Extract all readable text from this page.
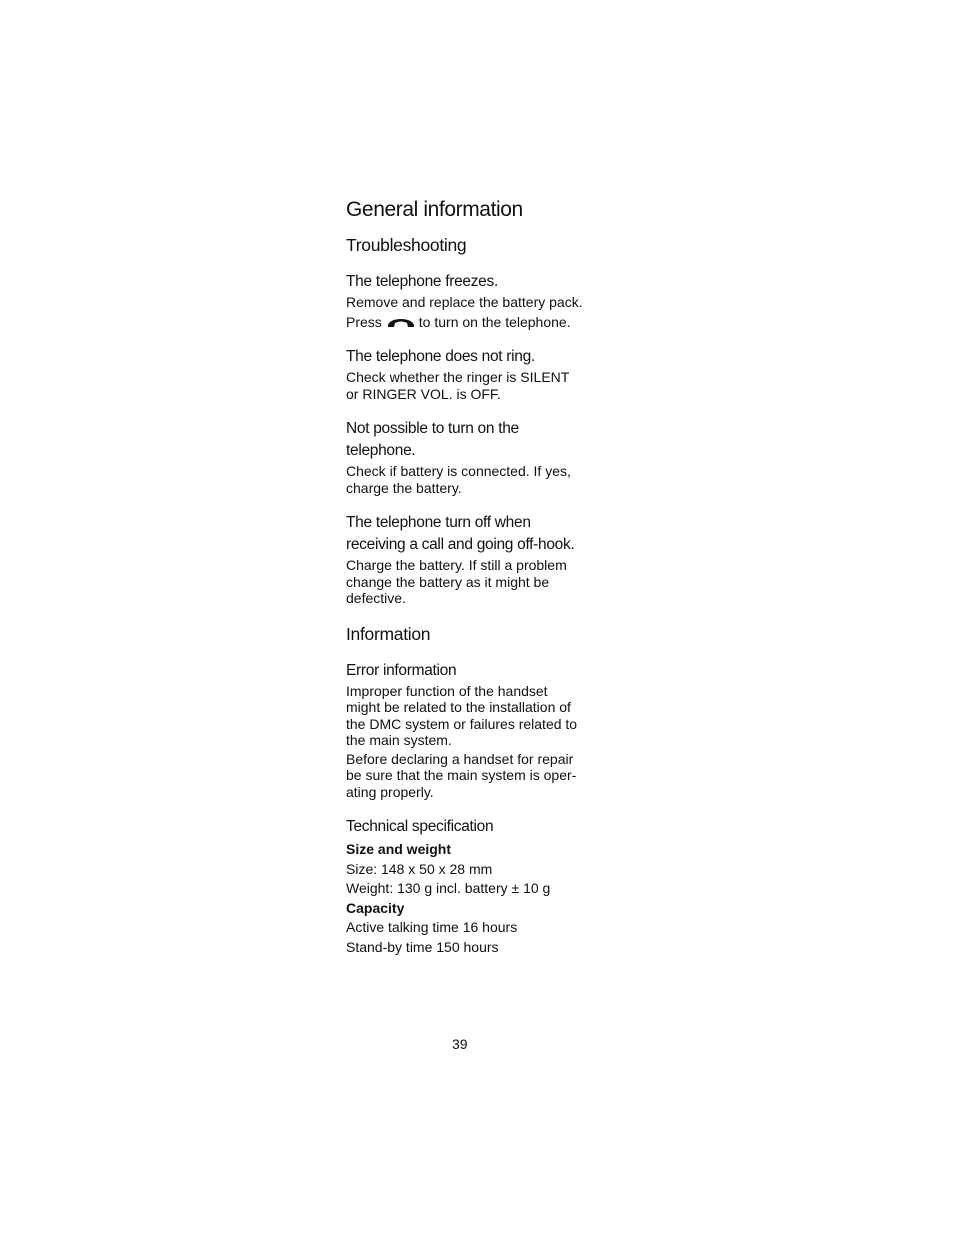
General information
Troubleshooting
The telephone freezes.

Remove and replace the battery pack.

Press	to turn on the telephone.

The telephone does not ring.

Check whether the ringer is SILENT

or RINGER VOL. is OFF.

Not possible to turn on the
telephone.

Check if battery is connected. If yes,

charge the battery.

The telephone turn off when
receiving a call and going off-hook.

Charge the battery. If still a problem

change the battery as it might be

defective.

Information
Error information

Improper function of the handset

might be related to the installation of

the DMC system or failures related to

the main system.

Before declaring a handset for repair

be sure that the main system is oper-

ating properly.

Technical specification

Size and weight

Size: 148 x 50 x 28 mm

Weight: 130 g incl. battery ± 10 g

Capacity

Active talking time 16 hours

Stand-by time 150 hours

39
